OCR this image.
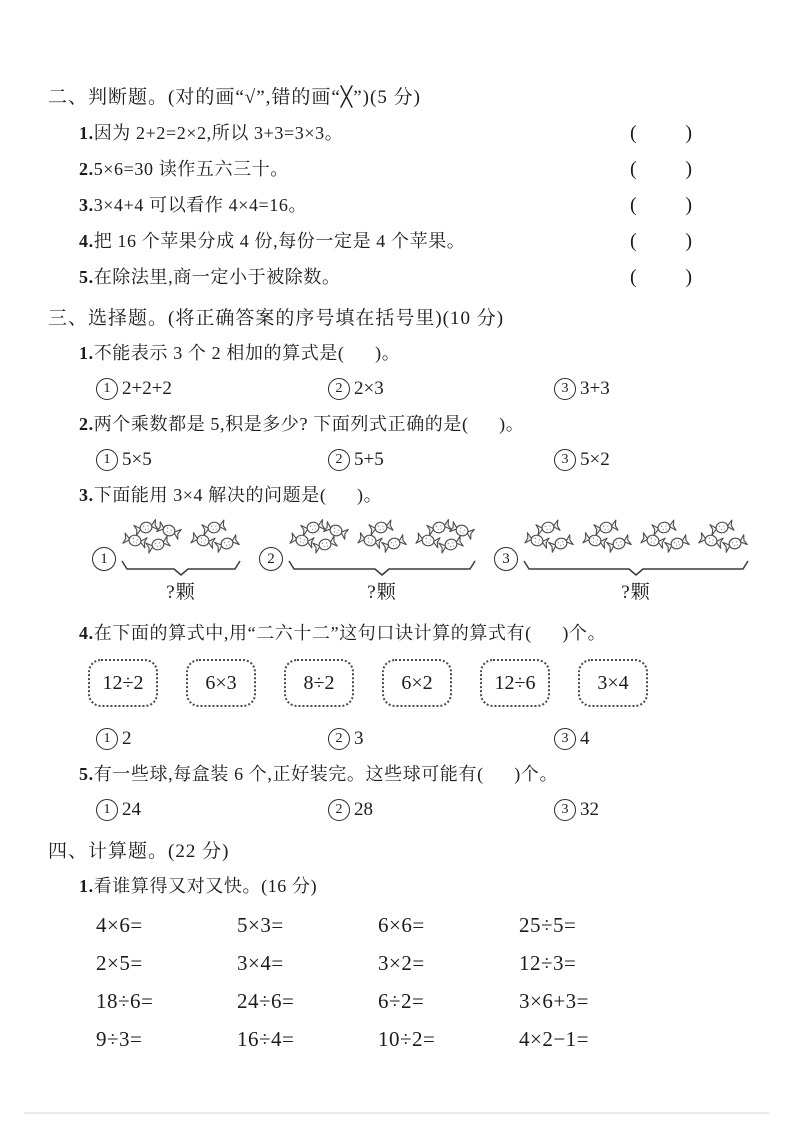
二、判断题。(对的画“√”,错的画“╳”)(5 分)
1.因为 2+2=2×2,所以 3+3=3×3。	( )
2.5×6=30 读作五六三十。	( )
3.3×4+4 可以看作 4×4=16。	( )
4.把 16 个苹果分成 4 份,每份一定是 4 个苹果。	( )
5.在除法里,商一定小于被除数。	( )
三、选择题。(将正确答案的序号填在括号里)(10 分)

1.不能表示 3 个 2 相加的算式是(      )。

1 2+2+2	2 2×3	3 3+3

2.两个乘数都是 5,积是多少? 下面列式正确的是(      )。

1 5×5	2 5+5	3 5×2

3.下面能用 3×4 解决的问题是(      )。

1
?颗
2
?颗
3
?颗

4.在下面的算式中,用“二六十二”这句口诀计算的算式有(      )个。

12÷2	6×3	8÷2	6×2	12÷6	3×4
1 2	2 3	3 4

5.有一些球,每盒装 6 个,正好装完。这些球可能有(      )个。

1 24	2 28	3 32
四、计算题。(22 分)

1.看谁算得又对又快。(16 分)

4×6=	5×3=	6×6=	25÷5=
2×5=	3×4=	3×2=	12÷3=
18÷6=	24÷6=	6÷2=	3×6+3=
9÷3=	16÷4=	10÷2=	4×2−1=
